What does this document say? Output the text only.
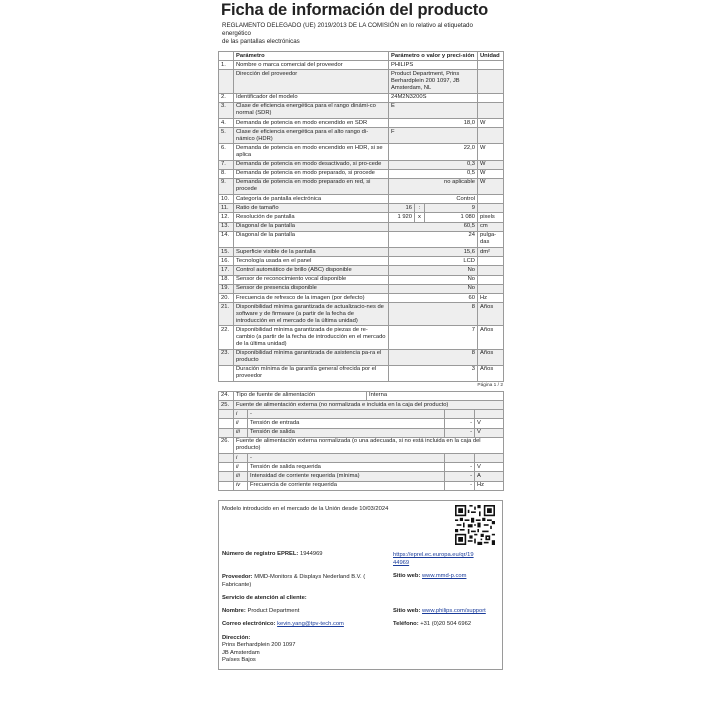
Ficha de información del producto
REGLAMENTO DELEGADO (UE) 2019/2013 DE LA COMISIÓN en lo relativo al etiquetado energético
de las pantallas electrónicas
	Parámetro	Parámetro o valor y preci-sión			Unidad
1.	Nombre o marca comercial del proveedor	PHILIPS			
	Dirección del proveedor	Product Department, Prins Berhardplein 200 1097, JB Amsterdam, NL			
2.	Identificador del modelo	24M2N3200S			
3.	Clase de eficiencia energética para el rango dinámi-co normal (SDR)	E			
4.	Demanda de potencia en modo encendido en SDR	18,0			W
5.	Clase de eficiencia energética para el alto rango di-námico (HDR)	F			
6.	Demanda de potencia en modo encendido en HDR, si se aplica	22,0			W
7.	Demanda de potencia en modo desactivado, si pro-cede	0,3			W
8.	Demanda de potencia en modo preparado, si procede	0,5			W
9.	Demanda de potencia en modo preparado en red, si procede	no aplicable			W
10.	Categoría de pantalla electrónica	Control			
11.	Ratio de tamaño	16	:	9	
12.	Resolución de pantalla	1 920	x	1 080	pixels
13.	Diagonal de la pantalla	60,5			cm
14.	Diagonal de la pantalla	24			pulga-das
15.	Superficie visible de la pantalla	15,6			dm²
16.	Tecnología usada en el panel	LCD			
17.	Control automático de brillo (ABC) disponible	No			
18.	Sensor de reconocimiento vocal disponible	No			
19.	Sensor de presencia disponible	No			
20.	Frecuencia de refresco de la imagen (por defecto)	60			Hz
21.	Disponibilidad mínima garantizada de actualizacio-nes de software y de firmware (a partir de la fecha de introducción en el mercado de la última unidad)	8			Años
22.	Disponibilidad mínima garantizada de piezas de re-cambio (a partir de la fecha de introducción en el mercado de la última unidad)	7			Años
23.	Disponibilidad mínima garantizada de asistencia pa-ra el producto	8			Años
	Duración mínima de la garantía general ofrecida por el proveedor	3			Años
Página 1 / 2
24.	Tipo de fuente de alimentación		Interna		
25.	Fuente de alimentación externa (no normalizada e incluida en la caja del producto)				
	i	-			
	ii	Tensión de entrada		-	V
	iii	Tensión de salida		-	V
26.	Fuente de alimentación externa normalizada (o una adecuada, si no está incluida en la caja del producto)				
	i	-			
	ii	Tensión de salida requerida		-	V
	iii	Intensidad de corriente requerida (mínima)		-	A
	iv	Frecuencia de corriente requerida		-	Hz
Modelo introducido en el mercado de la Unión desde 10/03/2024
Número de registro EPREL: 1944969	https://eprel.ec.europa.eu/qr/19
44969
Proveedor: MMD-Monitors & Displays Nederland B.V. (
Fabricante)
Sitio web: www.mmd-p.com
Servicio de atención al cliente:
Nombre: Product Department	Sitio web: www.philips.com/support
Correo electrónico: kevin.yang@tpv-tech.com	Teléfono: +31 (0)20 504 6962
Dirección:
Prins Berhardplein 200 1097
JB Amsterdam
Países Bajos
